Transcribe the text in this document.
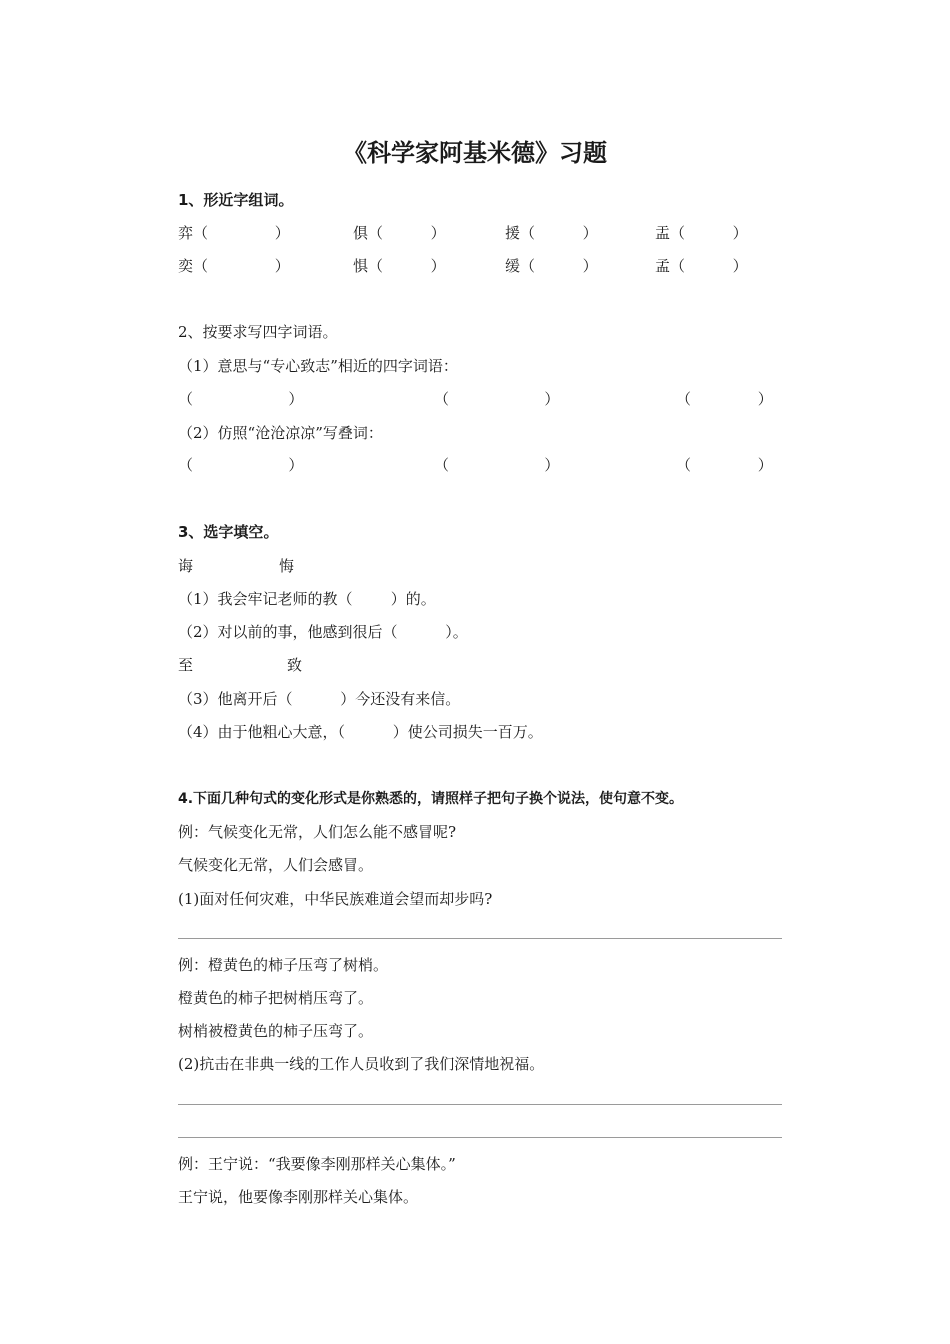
《科学家阿基米德》习题
1、形近字组词。
弈（              ）	俱（          ）	援（          ）	盂（          ）
奕（              ）	惧（          ）	缓（          ）	孟（          ）
2、按要求写四字词语。
（1）意思与“专心致志”相近的四字词语：
（                    ）	（                    ）	（              ）
（2）仿照“沧沧凉凉”写叠词：
（                    ）	（                    ）	（              ）
3、选字填空。
诲	悔
（1）我会牢记老师的教（        ）的。
（2）对以前的事，他感到很后（          ）。
至	致
（3）他离开后（          ）今还没有来信。
（4）由于他粗心大意，（          ）使公司损失一百万。
4.下面几种句式的变化形式是你熟悉的，请照样子把句子换个说法，使句意不变。
例：气候变化无常，人们怎么能不感冒呢?
气候变化无常，人们会感冒。
(1)面对任何灾难，中华民族难道会望而却步吗?
例：橙黄色的柿子压弯了树梢。
橙黄色的柿子把树梢压弯了。
树梢被橙黄色的柿子压弯了。
(2)抗击在非典一线的工作人员收到了我们深情地祝福。
例：王宁说：“我要像李刚那样关心集体。”
王宁说，他要像李刚那样关心集体。
